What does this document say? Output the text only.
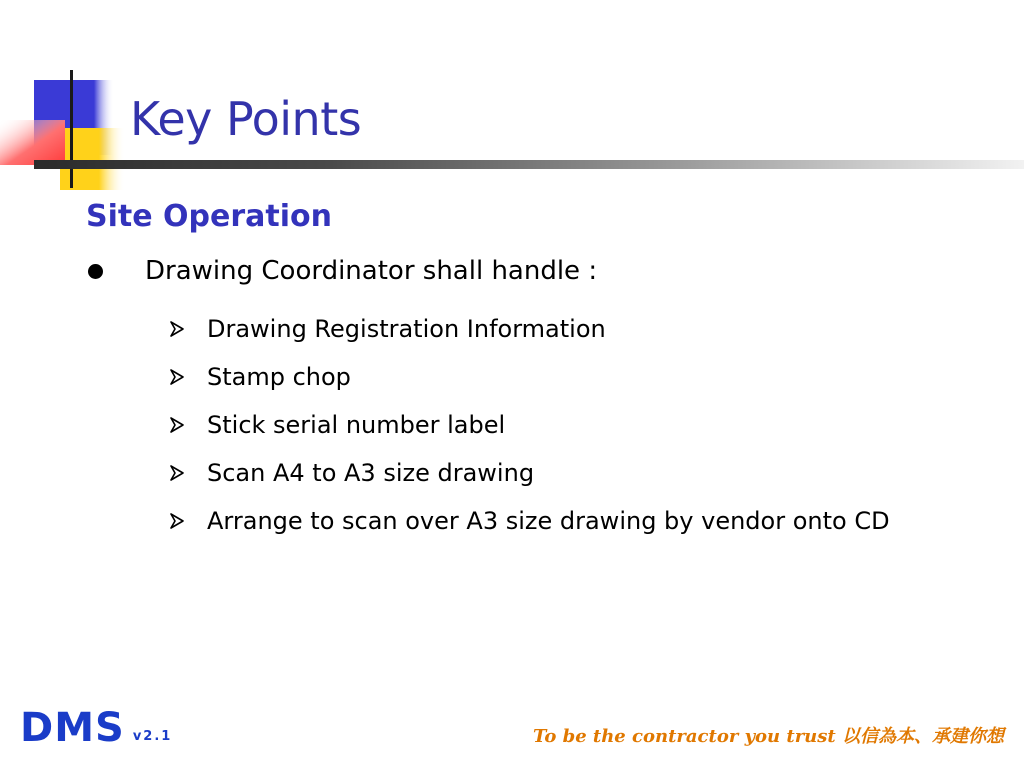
Key Points
Site Operation
Drawing Coordinator shall handle :
Drawing Registration Information
Stamp chop
Stick serial number label
Scan A4 to A3 size drawing
Arrange to scan over A3 size drawing by vendor onto CD
DMS v2.1	To be the contractor you trust 以信為本、承建你想
